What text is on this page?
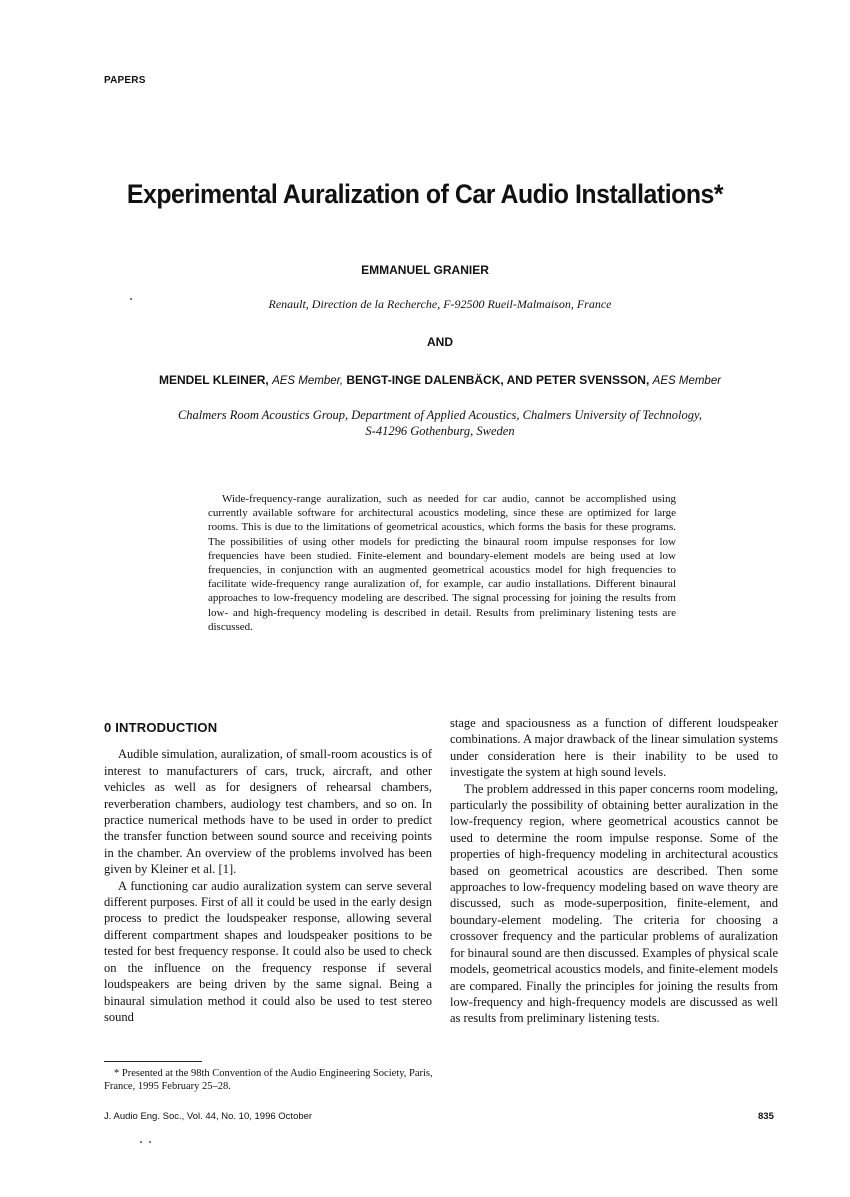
PAPERS
Experimental Auralization of Car Audio Installations*
EMMANUEL GRANIER
Renault, Direction de la Recherche, F-92500 Rueil-Malmaison, France
AND
MENDEL KLEINER, AES Member, BENGT-INGE DALENBÄCK, AND PETER SVENSSON, AES Member
Chalmers Room Acoustics Group, Department of Applied Acoustics, Chalmers University of Technology,
S-41296 Gothenburg, Sweden
Wide-frequency-range auralization, such as needed for car audio, cannot be accomplished using currently available software for architectural acoustics modeling, since these are optimized for large rooms. This is due to the limitations of geometrical acoustics, which forms the basis for these programs. The possibilities of using other models for predicting the binaural room impulse responses for low frequencies have been studied. Finite-element and boundary-element models are being used at low frequencies, in conjunction with an augmented geometrical acoustics model for high frequencies to facilitate wide-frequency range auralization of, for example, car audio installations. Different binaural approaches to low-frequency modeling are described. The signal processing for joining the results from low- and high-frequency modeling is described in detail. Results from preliminary listening tests are discussed.
0 INTRODUCTION

Audible simulation, auralization, of small-room acoustics is of interest to manufacturers of cars, truck, aircraft, and other vehicles as well as for designers of rehearsal chambers, reverberation chambers, audiology test chambers, and so on. In practice numerical methods have to be used in order to predict the transfer function between sound source and receiving points in the chamber. An overview of the problems involved has been given by Kleiner et al. [1].

A functioning car audio auralization system can serve several different purposes. First of all it could be used in the early design process to predict the loudspeaker response, allowing several different compartment shapes and loudspeaker positions to be tested for best frequency response. It could also be used to check on the influence on the frequency response if several loudspeakers are being driven by the same signal. Being a binaural simulation method it could also be used to test stereo sound

stage and spaciousness as a function of different loudspeaker combinations. A major drawback of the linear simulation systems under consideration here is their inability to be used to investigate the system at high sound levels.

The problem addressed in this paper concerns room modeling, particularly the possibility of obtaining better auralization in the low-frequency region, where geometrical acoustics cannot be used to determine the room impulse response. Some of the properties of high-frequency modeling in architectural acoustics based on geometrical acoustics are described. Then some approaches to low-frequency modeling based on wave theory are discussed, such as mode-superposition, finite-element, and boundary-element modeling. The criteria for choosing a crossover frequency and the particular problems of auralization for binaural sound are then discussed. Examples of physical scale models, geometrical acoustics models, and finite-element models are compared. Finally the principles for joining the results from low-frequency and high-frequency models are discussed as well as results from preliminary listening tests.

* Presented at the 98th Convention of the Audio Engineering Society, Paris, France, 1995 February 25–28.
J. Audio Eng. Soc., Vol. 44, No. 10, 1996 October	835
